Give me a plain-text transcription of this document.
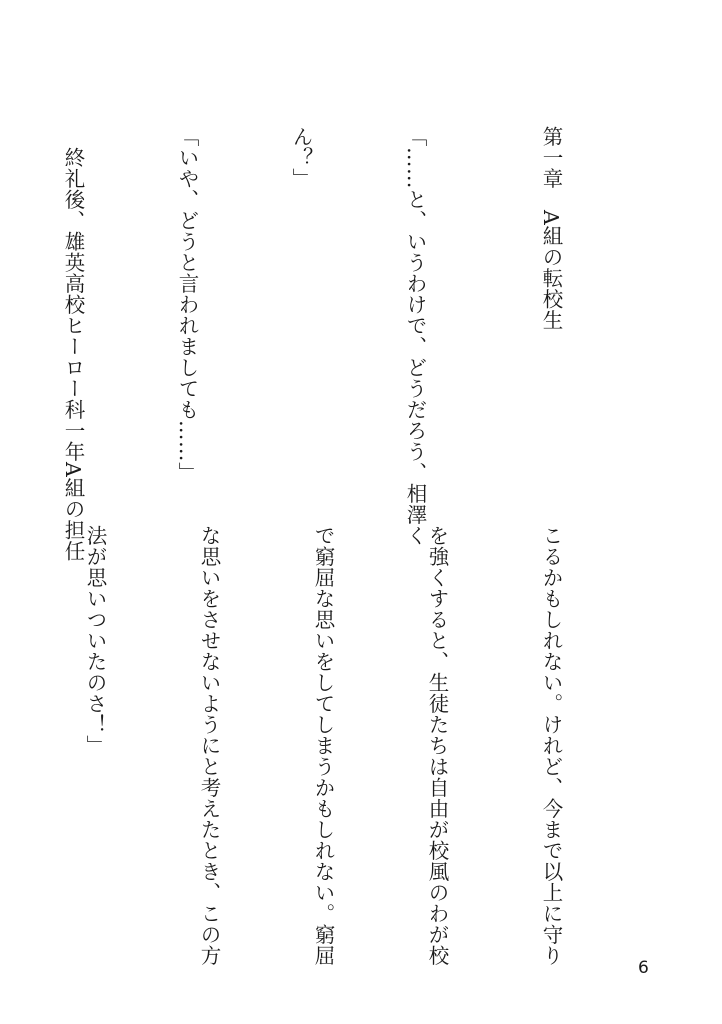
第一章　A組の転校生

「……と、いうわけで、どうだろう、相澤く

ん？」

「いや、どうと言われましても……」

　終礼後、雄英高校ヒーロー科一年A組の担任

こるかもしれない。けれど、今まで以上に守り

を強くすると、生徒たちは自由が校風のわが校

で窮屈な思いをしてしまうかもしれない。窮屈

な思いをさせないようにと考えたとき、この方

法が思いついたのさ！」

6
